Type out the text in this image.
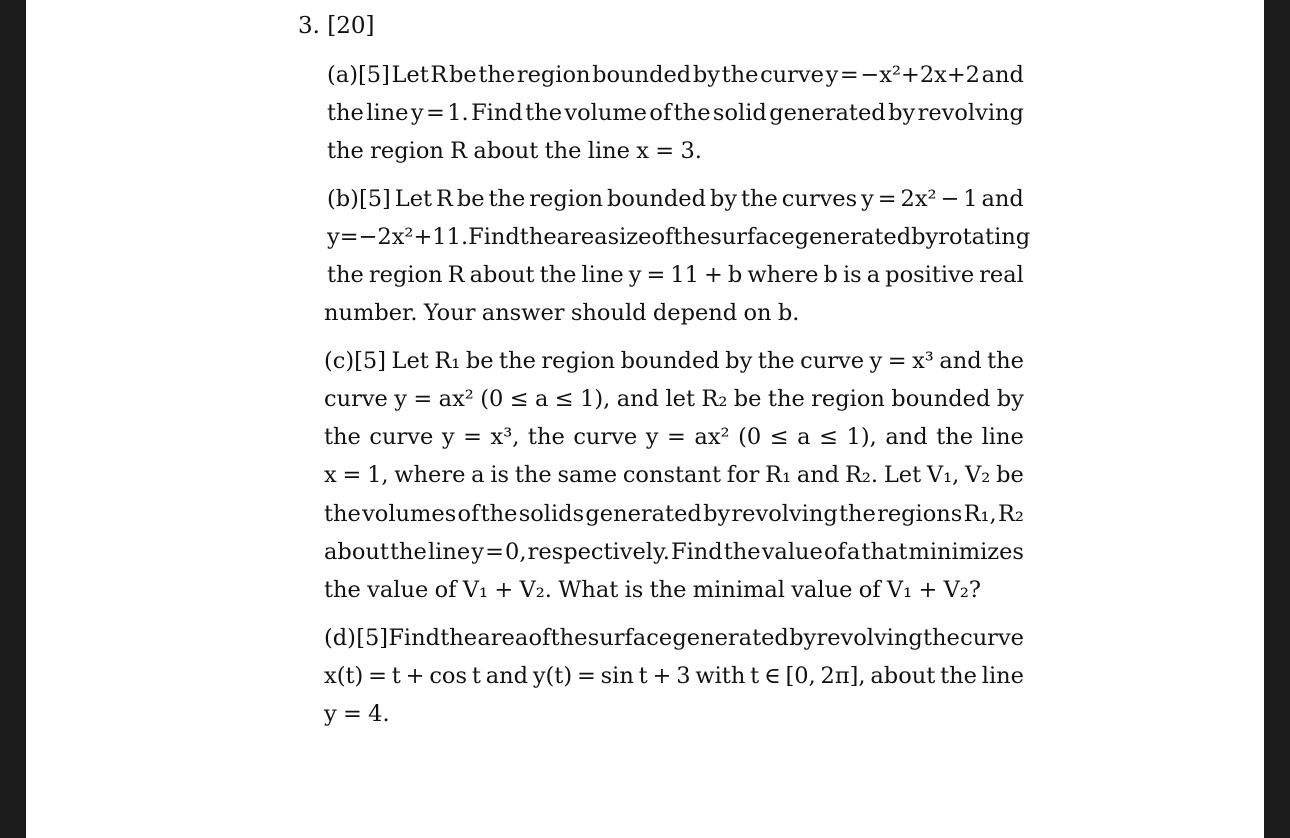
3. [20]
(a)[5] Let R be the region bounded by the curve y = −x²+2x+2 and
the line y = 1. Find the volume of the solid generated by revolving
the region R about the line x = 3.
(b)[5] Let R be the region bounded by the curves y = 2x² − 1 and
y = −2x²+11. Find the area size of the surface generated by rotating
the region R about the line y = 11 + b where b is a positive real
number. Your answer should depend on b.
(c)[5] Let R₁ be the region bounded by the curve y = x³ and the
curve y = ax² (0 ≤ a ≤ 1), and let R₂ be the region bounded by
the curve y = x³, the curve y = ax² (0 ≤ a ≤ 1), and the line
x = 1, where a is the same constant for R₁ and R₂. Let V₁, V₂ be
the volumes of the solids generated by revolving the regions R₁, R₂
about the line y = 0, respectively. Find the value of a that minimizes
the value of V₁ + V₂. What is the minimal value of V₁ + V₂?
(d) [5] Find the area of the surface generated by revolving the curve
x(t) = t + cos t and y(t) = sin t + 3 with t ∈ [0, 2π], about the line
y = 4.
